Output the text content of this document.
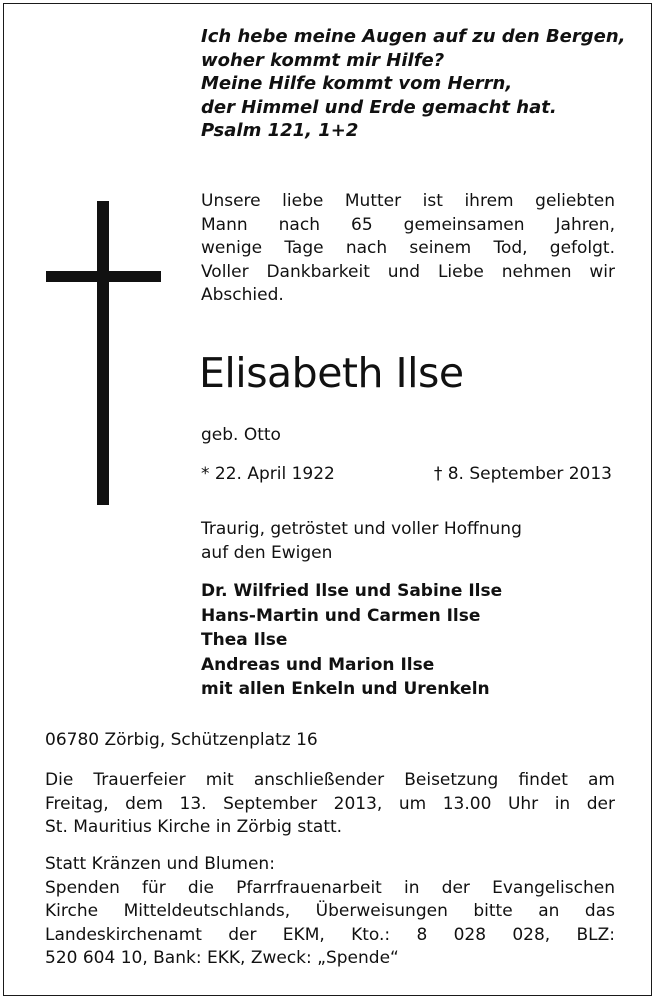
Ich hebe meine Augen auf zu den Bergen,
woher kommt mir Hilfe?
Meine Hilfe kommt vom Herrn,
der Himmel und Erde gemacht hat.
Psalm 121, 1+2
Unsere liebe Mutter ist ihrem geliebten
Mann nach 65 gemeinsamen Jahren,
wenige Tage nach seinem Tod, gefolgt.
Voller Dankbarkeit und Liebe nehmen wir
Abschied.
Elisabeth Ilse
geb. Otto
* 22. April 1922	† 8. September 2013
Traurig, getröstet und voller Hoffnung
auf den Ewigen
Dr. Wilfried Ilse und Sabine Ilse
Hans-Martin und Carmen Ilse
Thea Ilse
Andreas und Marion Ilse
mit allen Enkeln und Urenkeln
06780 Zörbig, Schützenplatz 16
Die Trauerfeier mit anschließender Beisetzung findet am
Freitag, dem 13. September 2013, um 13.00 Uhr in der
St. Mauritius Kirche in Zörbig statt.
Statt Kränzen und Blumen:
Spenden für die Pfarrfrauenarbeit in der Evangelischen
Kirche Mitteldeutschlands, Überweisungen bitte an das
Landeskirchenamt der EKM, Kto.: 8 028 028, BLZ:
520 604 10, Bank: EKK, Zweck: „Spende“
